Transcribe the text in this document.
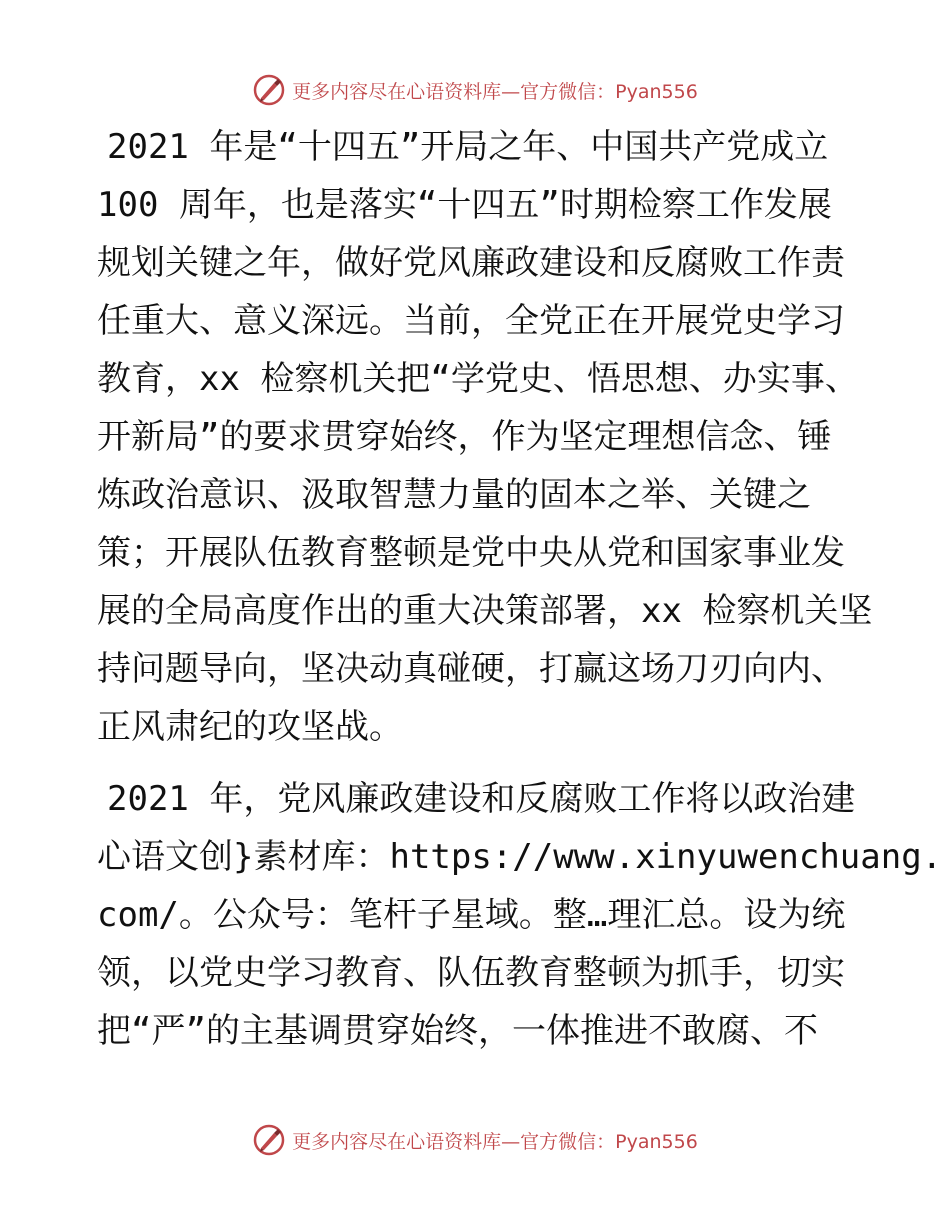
更多内容尽在心语资料库—官方微信：Pyan556

2021 年是“十四五”开局之年、中国共产党成立
100 周年，也是落实“十四五”时期检察工作发展
规划关键之年，做好党风廉政建设和反腐败工作责
任重大、意义深远。当前，全党正在开展党史学习
教育，xx 检察机关把“学党史、悟思想、办实事、
开新局”的要求贯穿始终，作为坚定理想信念、锤
炼政治意识、汲取智慧力量的固本之举、关键之
策；开展队伍教育整顿是党中央从党和国家事业发
展的全局高度作出的重大决策部署，xx 检察机关坚
持问题导向，坚决动真碰硬，打赢这场刀刃向内、
正风肃纪的攻坚战。

2021 年，党风廉政建设和反腐败工作将以政治建
心语文创}素材库：https://www.xinyuwenchuang.
com/。公众号：笔杆子星域。整…理汇总。设为统
领，以党史学习教育、队伍教育整顿为抓手，切实
把“严”的主基调贯穿始终，一体推进不敢腐、不

更多内容尽在心语资料库—官方微信：Pyan556
